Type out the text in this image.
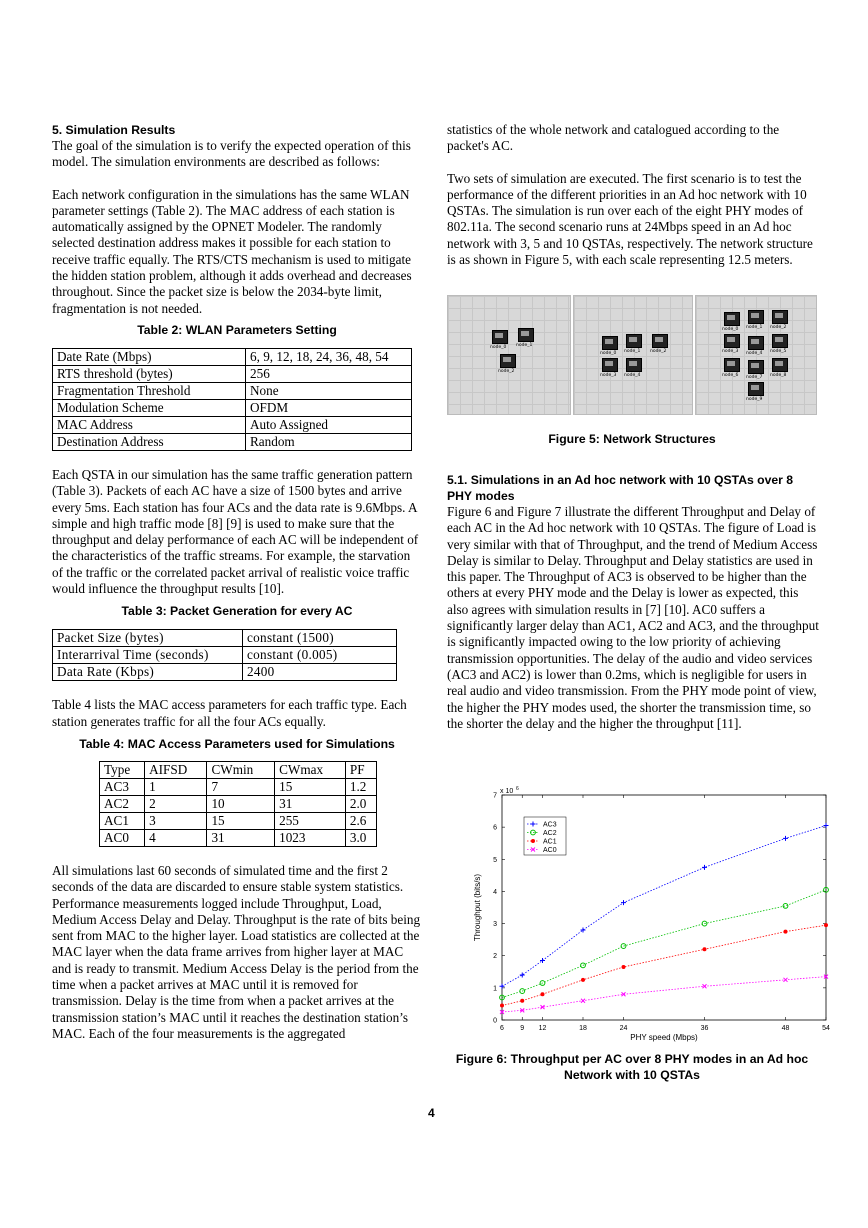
5. Simulation Results

The goal of the simulation is to verify the expected operation of this model. The simulation environments are described as follows:

Each network configuration in the simulations has the same WLAN parameter settings (Table 2). The MAC address of each station is automatically assigned by the OPNET Modeler. The randomly selected destination address makes it possible for each station to receive traffic equally. The RTS/CTS mechanism is used to mitigate the hidden station problem, although it adds overhead and decreases throughout. Since the packet size is below the 2034-byte limit, fragmentation is not needed.

Table 2: WLAN Parameters Setting

Date Rate (Mbps)	6, 9, 12, 18, 24, 36, 48, 54
RTS threshold (bytes)	256
Fragmentation Threshold	None
Modulation Scheme	OFDM
MAC Address	Auto Assigned
Destination Address	Random

Each QSTA in our simulation has the same traffic generation pattern (Table 3). Packets of each AC have a size of 1500 bytes and arrive every 5ms. Each station has four ACs and the data rate is 9.6Mbps. A simple and high traffic mode [8] [9] is used to make sure that the throughput and delay performance of each AC will be independent of the characteristics of the traffic streams. For example, the starvation of the traffic or the correlated packet arrival of realistic voice traffic would influence the throughput results [10].

Table 3: Packet Generation for every AC

Packet Size (bytes)	constant (1500)
Interarrival Time (seconds)	constant (0.005)
Data Rate (Kbps)	2400

Table 4 lists the MAC access parameters for each traffic type. Each station generates traffic for all the four ACs equally.

Table 4: MAC Access Parameters used for Simulations

Type	AIFSD	CWmin	CWmax	PF
AC3	1	7	15	1.2
AC2	2	10	31	2.0
AC1	3	15	255	2.6
AC0	4	31	1023	3.0

All simulations last 60 seconds of simulated time and the first 2 seconds of the data are discarded to ensure stable system statistics. Performance measurements logged include Throughput, Load, Medium Access Delay and Delay. Throughput is the rate of bits being sent from MAC to the higher layer. Load statistics are collected at the MAC layer when the data frame arrives from higher layer at MAC and is ready to transmit. Medium Access Delay is the period from the time when a packet arrives at MAC until it is removed for transmission. Delay is the time from when a packet arrives at the transmission station’s MAC until it reaches the destination station’s MAC. Each of the four measurements is the aggregated

statistics of the whole network and catalogued according to the packet's AC.

Two sets of simulation are executed. The first scenario is to test the performance of the different priorities in an Ad hoc network with 10 QSTAs. The simulation is run over each of the eight PHY modes of 802.11a. The second scenario runs at 24Mbps speed in an Ad hoc network with 3, 5 and 10 QSTAs, respectively. The network structure is as shown in Figure 5, with each scale representing 12.5 meters.

node_0 node_1
node_2
node_0 node_1 node_2
node_3 node_4
node_0 node_1 node_2
node_3 node_4 node_5
node_6 node_7 node_8
node_9
Figure 5: Network Structures

5.1. Simulations in an Ad hoc network with 10 QSTAs over 8 PHY modes

Figure 6 and Figure 7 illustrate the different Throughput and Delay of each AC in the Ad hoc network with 10 QSTAs. The figure of Load is very similar with that of Throughput, and the trend of Medium Access Delay is similar to Delay. Throughput and Delay statistics are used in this paper. The Throughput of AC3 is observed to be higher than the others at every PHY mode and the Delay is lower as expected, this also agrees with simulation results in [7] [10]. AC0 suffers a significantly larger delay than AC1, AC2 and AC3, and the throughput is significantly impacted owing to the low priority of achieving transmission opportunities. The delay of the audio and video services (AC3 and AC2) is lower than 0.2ms, which is negligible for users in real audio and video transmission. From the PHY mode point of view, the higher the PHY modes used, the shorter the transmission time, so the shorter the delay and the higher the throughput [11].

6 9 12	18	24	36	48	54
0
1
2
3
4
5
6
7
x 10 6
PHY speed (Mbps)
Throughput (bits/s)
AC3
AC2
AC1
AC0
Figure 6: Throughput per AC over 8 PHY modes in an Ad hoc Network with 10 QSTAs
4
